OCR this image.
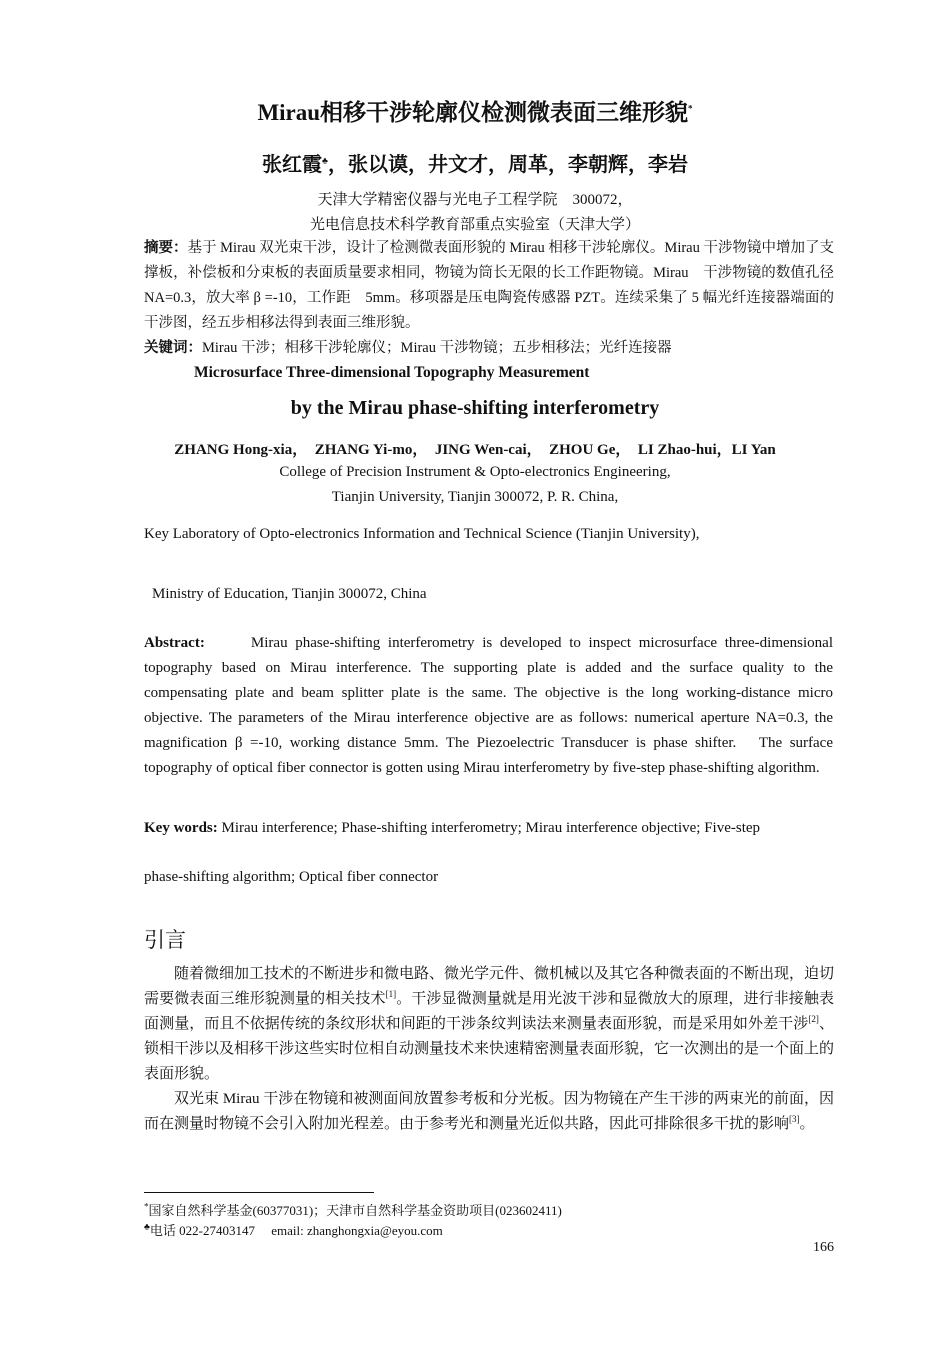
Mirau相移干涉轮廓仪检测微表面三维形貌*
张红霞♣，张以谟，井文才，周革，李朝辉，李岩
天津大学精密仪器与光电子工程学院　300072，
光电信息技术科学教育部重点实验室（天津大学）
摘要：基于 Mirau 双光束干涉，设计了检测微表面形貌的 Mirau 相移干涉轮廓仪。Mirau 干涉物镜中增加了支撑板，补偿板和分束板的表面质量要求相同，物镜为筒长无限的长工作距物镜。Mirau　干涉物镜的数值孔径　NA=0.3，放大率 β =-10，工作距　5mm。移项器是压电陶瓷传感器 PZT。连续采集了 5 幅光纤连接器端面的干涉图，经五步相移法得到表面三维形貌。
关键词：Mirau 干涉；相移干涉轮廓仪；Mirau 干涉物镜；五步相移法；光纤连接器
Microsurface Three-dimensional Topography Measurement
by the Mirau phase-shifting interferometry
ZHANG Hong-xia，　ZHANG Yi-mo，　JING Wen-cai，　ZHOU Ge，　LI Zhao-hui，LI Yan
College of Precision Instrument & Opto-electronics Engineering,
Tianjin University, Tianjin 300072, P. R. China,
Key Laboratory of Opto-electronics Information and Technical Science (Tianjin University),
Ministry of Education, Tianjin 300072, China
Abstract:	Mirau phase-shifting interferometry is developed to inspect microsurface three-dimensional topography based on Mirau interference. The supporting plate is added and the surface quality to the compensating plate and beam splitter plate is the same. The objective is the long working-distance micro objective. The parameters of the Mirau interference objective are as follows: numerical aperture NA=0.3, the magnification β =-10, working distance 5mm. The Piezoelectric Transducer is phase shifter.　The surface topography of optical fiber connector is gotten using Mirau interferometry by five-step phase-shifting algorithm.
Key words: Mirau interference; Phase-shifting interferometry; Mirau interference objective; Five-step
phase-shifting algorithm; Optical fiber connector
引言
随着微细加工技术的不断进步和微电路、微光学元件、微机械以及其它各种微表面的不断出现，迫切需要微表面三维形貌测量的相关技术[1]。干涉显微测量就是用光波干涉和显微放大的原理，进行非接触表面测量，而且不依据传统的条纹形状和间距的干涉条纹判读法来测量表面形貌，而是采用如外差干涉[2]、锁相干涉以及相移干涉这些实时位相自动测量技术来快速精密测量表面形貌，它一次测出的是一个面上的表面形貌。
双光束 Mirau 干涉在物镜和被测面间放置参考板和分光板。因为物镜在产生干涉的两束光的前面，因而在测量时物镜不会引入附加光程差。由于参考光和测量光近似共路，因此可排除很多干扰的影响[3]。
*国家自然科学基金(60377031)；天津市自然科学基金资助项目(023602411)
♣电话 022-27403147　 email: zhanghongxia@eyou.com
166
